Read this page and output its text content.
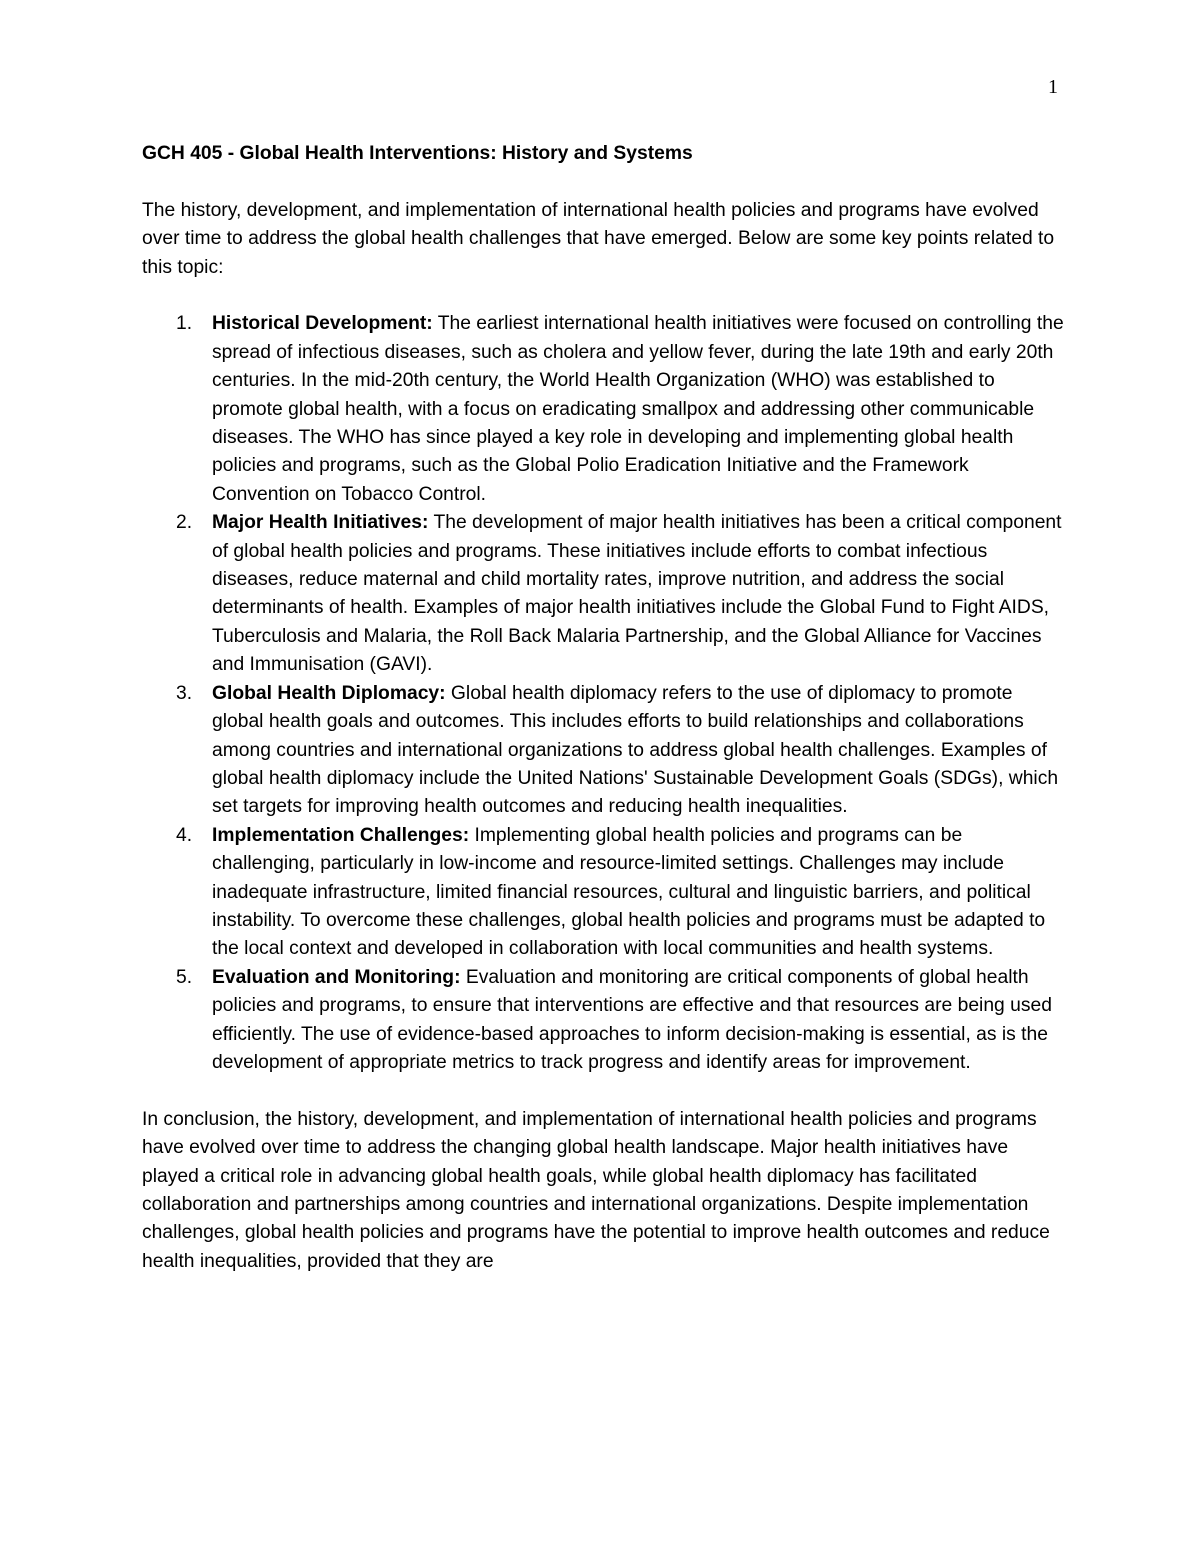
1
GCH 405 - Global Health Interventions: History and Systems

The history, development, and implementation of international health policies and programs have evolved over time to address the global health challenges that have emerged. Below are some key points related to this topic:

1. Historical Development: The earliest international health initiatives were focused on controlling the spread of infectious diseases, such as cholera and yellow fever, during the late 19th and early 20th centuries. In the mid-20th century, the World Health Organization (WHO) was established to promote global health, with a focus on eradicating smallpox and addressing other communicable diseases. The WHO has since played a key role in developing and implementing global health policies and programs, such as the Global Polio Eradication Initiative and the Framework Convention on Tobacco Control.
2. Major Health Initiatives: The development of major health initiatives has been a critical component of global health policies and programs. These initiatives include efforts to combat infectious diseases, reduce maternal and child mortality rates, improve nutrition, and address the social determinants of health. Examples of major health initiatives include the Global Fund to Fight AIDS, Tuberculosis and Malaria, the Roll Back Malaria Partnership, and the Global Alliance for Vaccines and Immunisation (GAVI).
3. Global Health Diplomacy: Global health diplomacy refers to the use of diplomacy to promote global health goals and outcomes. This includes efforts to build relationships and collaborations among countries and international organizations to address global health challenges. Examples of global health diplomacy include the United Nations' Sustainable Development Goals (SDGs), which set targets for improving health outcomes and reducing health inequalities.
4. Implementation Challenges: Implementing global health policies and programs can be challenging, particularly in low-income and resource-limited settings. Challenges may include inadequate infrastructure, limited financial resources, cultural and linguistic barriers, and political instability. To overcome these challenges, global health policies and programs must be adapted to the local context and developed in collaboration with local communities and health systems.
5. Evaluation and Monitoring: Evaluation and monitoring are critical components of global health policies and programs, to ensure that interventions are effective and that resources are being used efficiently. The use of evidence-based approaches to inform decision-making is essential, as is the development of appropriate metrics to track progress and identify areas for improvement.

In conclusion, the history, development, and implementation of international health policies and programs have evolved over time to address the changing global health landscape. Major health initiatives have played a critical role in advancing global health goals, while global health diplomacy has facilitated collaboration and partnerships among countries and international organizations. Despite implementation challenges, global health policies and programs have the potential to improve health outcomes and reduce health inequalities, provided that they are
